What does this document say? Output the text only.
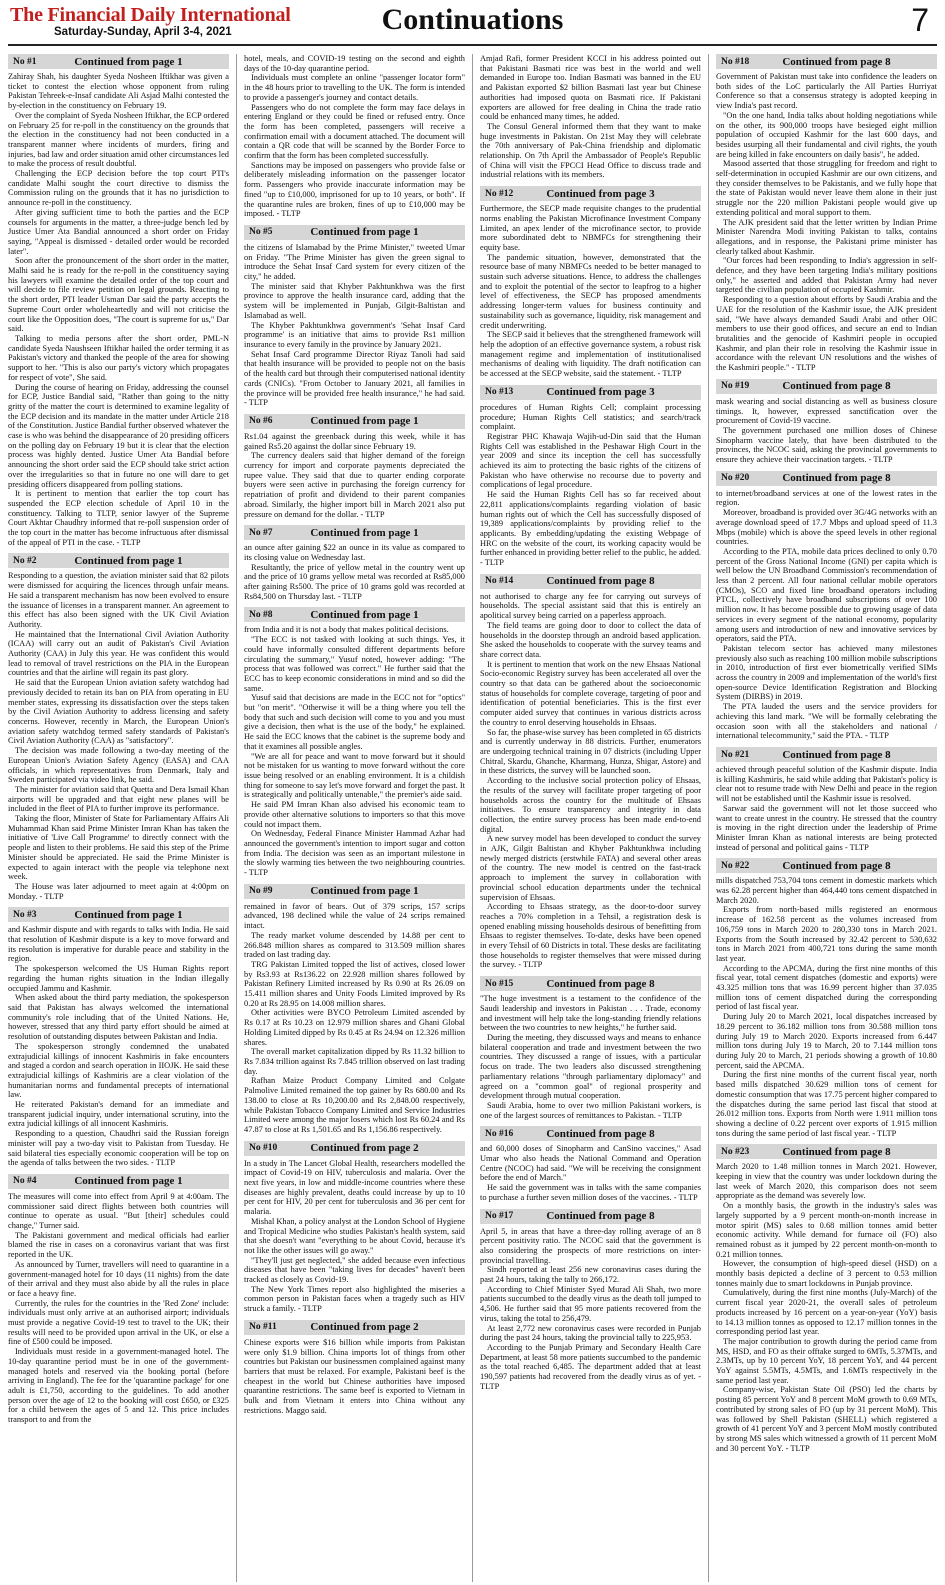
The Financial Daily International
Saturday-Sunday, April 3-4, 2021	Continuations	7
No #1	Continued from page 1

Zahiray Shah, his daughter Syeda Nosheen Iftikhar was given a ticket to contest the election whose opponent from ruling Pakistan Tehreek-e-Insaf candidate Ali Asjad Malhi contested the by-election in the constituency on February 19.

Over the complaint of Syeda Nosheen Iftikhar, the ECP ordered on February 25 for re-poll in the constituency on the grounds that the election in the constituency had not been conducted in a transparent manner where incidents of murders, firing and injuries, bad law and order situation amid other circumstances led to make the process of result doubtful.

Challenging the ECP decision before the top court PTI's candidate Malhi sought the court directive to dismiss the Commission ruling on the grounds that it has no jurisdiction to announce re-poll in the constituency.

After giving sufficient time to both the parties and the ECP counsels for arguments in the matter, a three-judge bench led by Justice Umer Ata Bandial announced a short order on Friday saying, "Appeal is dismissed - detailed order would be recorded later".

Soon after the pronouncement of the short order in the matter, Malhi said he is ready for the re-poll in the constituency saying his lawyers will examine the detailed order of the top court and will decide to file review petition on legal grounds. Reacting to the short order, PTI leader Usman Dar said the party accepts the Supreme Court order wholeheartedly and will not criticise the court like the Opposition does, "The court is supreme for us," Dar said.

Talking to media persons after the short order, PML-N candidate Syeda Naushseen Iftikhar hailed the order terming it as Pakistan's victory and thanked the people of the area for showing support to her. "This is also our party's victory which propagates for respect of vote", She said.

During the course of hearing on Friday, addressing the counsel for ECP, Justice Bandial said, "Rather than going to the nitty gritty of the matter the court is determined to examine legality of the ECP decision and its mandate in the matter under Article 218 of the Constitution. Justice Bandial further observed whatever the case is who was behind the disappearance of 20 presiding officers on the polling day on February 19 but it is clear that the election process was highly dented. Justice Umer Ata Bandial before announcing the short order said the ECP should take strict action over the irregularities so that in future no one will dare to get presiding officers disappeared from polling stations.

It is pertinent to mention that earlier the top court has suspended the ECP election schedule of April 10 in the constituency. Talking to TLTP, senior lawyer of the Supreme Court Akhtar Chaudhry informed that re-poll suspension order of the top court in the matter has become infructuous after dismissal of the appeal of PTI in the case. - TLTP

No #2	Continued from page 1

Responding to a question, the aviation minister said that 82 pilots were dismissed for acquiring the licences through unfair means. He said a transparent mechanism has now been evolved to ensure the issuance of licenses in a transparent manner. An agreement to this effect has also been signed with the UK Civil Aviation Authority.

He maintained that the International Civil Aviation Authority (ICAA) will carry out an audit of Pakistan's Civil Aviation Authority (CAA) in July this year. He was confident this would lead to removal of travel restrictions on the PIA in the European countries and that the airline will regain its past glory.

He said that the European Union aviation safety watchdog had previously decided to retain its ban on PIA from operating in EU member states, expressing its dissatisfaction over the steps taken by the Civil Aviation Authority to address licensing and safety concerns. However, recently in March, the European Union's aviation safety watchdog termed safety standards of Pakistan's Civil Aviation Authority (CAA) as "satisfactory".

The decision was made following a two-day meeting of the European Union's Aviation Safety Agency (EASA) and CAA officials, in which representatives from Denmark, Italy and Sweden participated via video link, he said.

The minister for aviation said that Quetta and Dera Ismail Khan airports will be upgraded and that eight new planes will be included in the fleet of PIA to further improve its performance.

Taking the floor, Minister of State for Parliamentary Affairs Ali Muhammad Khan said Prime Minister Imran Khan has taken the initiative of 'Live Call Programme' to directly connect with the people and listen to their problems. He said this step of the Prime Minister should be appreciated. He said the Prime Minister is expected to again interact with the people via telephone next week.

The House was later adjourned to meet again at 4:00pm on Monday. - TLTP

No #3	Continued from page 1

and Kashmir dispute and with regards to talks with India. He said that resolution of Kashmir dispute is a key to move forward and its resolution is imperative for durable peace and stability in the region.

The spokesperson welcomed the US Human Rights report regarding the human rights situation in the Indian illegally occupied Jammu and Kashmir.

When asked about the third party mediation, the spokesperson said that Pakistan has always welcomed the international community's role including that of the United Nations. He, however, stressed that any third party effort should be aimed at resolution of outstanding disputes between Pakistan and India.

The spokesperson strongly condemned the unabated extrajudicial killings of innocent Kashmiris in fake encounters and staged a cordon and search operation in IIOJK. He said these extrajudicial killings of Kashmiris are a clear violation of the humanitarian norms and fundamental precepts of international law.

He reiterated Pakistan's demand for an immediate and transparent judicial inquiry, under international scrutiny, into the extra judicial killings of all innocent Kashmiris.

Responding to a question, Chaudhri said the Russian foreign minister will pay a two-day visit to Pakistan from Tuesday. He said bilateral ties especially economic cooperation will be top on the agenda of talks between the two sides. - TLTP

No #4	Continued from page 1

The measures will come into effect from April 9 at 4:00am. The commissioner said direct flights between both countries will continue to operate as usual. "But [their] schedules could change," Turner said.

The Pakistani government and medical officials had earlier blamed the rise in cases on a coronavirus variant that was first reported in the UK.

As announced by Turner, travellers will need to quarantine in a government-managed hotel for 10 days (11 nights) from the date of their arrival and they must also abide by all the rules in place or face a heavy fine.

Currently, the rules for the countries in the 'Red Zone' include: individuals must only arrive at an authorised airport; individuals must provide a negative Covid-19 test to travel to the UK; their results will need to be provided upon arrival in the UK, or else a fine of £500 could be imposed.

Individuals must reside in a government-managed hotel. The 10-day quarantine period must be in one of the government-managed hotels and reserved via the booking portal (before arriving in England). The fee for the 'quarantine package' for one adult is £1,750, according to the guidelines. To add another person over the age of 12 to the booking will cost £650, or £325 for a child between the ages of 5 and 12. This price includes transport to and from the

hotel, meals, and COVID-19 testing on the second and eighth days of the 10-day quarantine period.

Individuals must complete an online "passenger locator form" in the 48 hours prior to travelling to the UK. The form is intended to provide a passenger's journey and contact details.

Passengers who do not complete the form may face delays in entering England or they could be fined or refused entry. Once the form has been completed, passengers will receive a confirmation email with a document attached. The document will contain a QR code that will be scanned by the Border Force to confirm that the form has been completed successfully.

Sanctions may be imposed on passengers who provide false or deliberately misleading information on the passenger locator form. Passengers who provide inaccurate information may be fined "up to £10,000, imprisoned for up to 10 years, or both". If the quarantine rules are broken, fines of up to £10,000 may be imposed. - TLTP

No #5	Continued from page 1

the citizens of Islamabad by the Prime Minister," tweeted Umar on Friday. "The Prime Minister has given the green signal to introduce the Sehat Insaf Card system for every citizen of the city," he added.

The minister said that Khyber Pakhtunkhwa was the first province to approve the health insurance card, adding that the system will be implemented in Punjab, Gilgit-Baltistan and Islamabad as well.

The Khyber Pakhtunkhwa government's 'Sehat Insaf Card programme' is an initiative that aims to provide Rs1 million insurance to every family in the province by January 2021.

Sehat Insaf Card programme Director Riyaz Tanoli had said that health insurance will be provided to people not on the basis of the health card but through their computerised national identity cards (CNICs). "From October to January 2021, all families in the province will be provided free health insurance," he had said. - TLTP

No #6	Continued from page 1

Rs1.04 against the greenback during this week, while it has gained Rs5.20 against the dollar since February 19.

The currency dealers said that higher demand of the foreign currency for import and corporate payments depreciated the rupee value. They said that due to quarter ending corporate buyers were seen active in purchasing the foreign currency for repatriation of profit and dividend to their parent companies abroad. Similarly, the higher import bill in March 2021 also put pressure on demand for the dollar. - TLTP

No #7	Continued from page 1

an ounce after gaining $22 an ounce in its value as compared to its closing value on Wednesday last.

Resultantly, the price of yellow metal in the country went up and the price of 10 grams yellow metal was recorded at Rs85,000 after gaining Rs500. The price of 10 grams gold was recorded at Rs84,500 on Thursday last. - TLTP

No #8	Continued from page 1

from India and it is not a body that makes political decisions.

"The ECC is not tasked with looking at such things. Yes, it could have informally consulted different departments before circulating the summary," Yusuf noted, however adding: "The process that was followed was correct." He further said that the ECC has to keep economic considerations in mind and so did the same.

Yusuf said that decisions are made in the ECC not for "optics" but "on merit". "Otherwise it will be a thing where you tell the body that such and such decision will come to you and you must give a decision, then what is the use of the body," he explained. He said the ECC knows that the cabinet is the supreme body and that it examines all possible angles.

"We are all for peace and want to move forward but it should not be mistaken for us wanting to move forward without the core issue being resolved or an enabling environment. It is a childish thing for someone to say let's move forward and forget the past. It is strategically and politically untenable," the premier's aide said.

He said PM Imran Khan also advised his economic team to provide other alternative solutions to importers so that this move could not impact them.

On Wednesday, Federal Finance Minister Hammad Azhar had announced the government's intention to import sugar and cotton from India. The decision was seen as an important milestone in the slowly warming ties between the two neighbouring countries. - TLTP

No #9	Continued from page 1

remained in favor of bears. Out of 379 scrips, 157 scrips advanced, 198 declined while the value of 24 scrips remained intact.

The ready market volume descended by 14.88 per cent to 266.848 million shares as compared to 313.509 million shares traded on last trading day.

TRG Pakistan Limited topped the list of actives, closed lower by Rs3.93 at Rs136.22 on 22.928 million shares followed by Pakistan Refinery Limited increased by Rs 0.90 at Rs 26.09 on 15.411 million shares and Unity Foods Limited improved by Rs 0.20 at Rs 28.95 on 14.008 million shares.

Other activities were BYCO Petroleum Limited ascended by Rs 0.17 at Rs 10.23 on 12.979 million shares and Ghani Global Holding Limited dipped by Rs 0.45 at Rs 24.94 on 12.326 million shares.

The overall market capitalization dipped by Rs 11.32 billion to Rs 7.834 trillion against Rs 7.845 trillion observed on last trading day.

Rafhan Maize Product Company Limited and Colgate Palmolive Limited remained the top gainer by Rs 680.00 and Rs 138.00 to close at Rs 10,200.00 and Rs 2,848.00 respectively, while Pakistan Tobacco Company Limited and Service Industries Limited were among the major losers which lost Rs 60.24 and Rs 47.87 to close at Rs 1,501.65 and Rs 1,156.86 respectively.

No #10	Continued from page 2

In a study in The Lancet Global Health, researchers modelled the impact of Covid-19 on HIV, tuberculosis and malaria. Over the next five years, in low and middle-income countries where these diseases are highly prevalent, deaths could increase by up to 10 per cent for HIV, 20 per cent for tuberculosis and 36 per cent for malaria.

Mishal Khan, a policy analyst at the London School of Hygiene and Tropical Medicine who studies Pakistan's health system, said that she doesn't want "everything to be about Covid, because it's not like the other issues will go away."

"They'll just get neglected," she added because even infectious diseases that have been "taking lives for decades" haven't been tracked as closely as Covid-19.

The New York Times report also highlighted the miseries a common person in Pakistan faces when a tragedy such as HIV struck a family. - TLTP

No #11	Continued from page 2

Chinese exports were $16 billion while imports from Pakistan were only $1.9 billion. China imports lot of things from other countries but Pakistan our businessmen complained against many barriers that must be relaxed. For example, Pakistani beef is the cheapest in the world but Chinese authorities have imposed quarantine restrictions. The same beef is exported to Vietnam in bulk and from Vietnam it enters into China without any restrictions. Maggo said.

Amjad Rafi, former President KCCI in his address pointed out that Pakistani Basmati rice was best in the world and well demanded in Europe too. Indian Basmati was banned in the EU and Pakistan exported $2 billion Basmati last year but Chinese authorities had imposed quota on Basmati rice. If Pakistani exporters are allowed for free dealing in China the trade ratio could be enhanced many times, he added.

The Consul General informed them that they want to make huge investments in Pakistan. On 21st May they will celebrate the 70th anniversary of Pak-China friendship and diplomatic relationship. On 7th April the Ambassador of People's Republic of China will visit the FPCCI Head Office to discuss trade and industrial relations with its members.

No #12	Continued from page 3

Furthermore, the SECP made requisite changes to the prudential norms enabling the Pakistan Microfinance Investment Company Limited, an apex lender of the microfinance sector, to provide more subordinated debt to NBMFCs for strengthening their equity base.

The pandemic situation, however, demonstrated that the resource base of many NBMFCs needed to be better managed to sustain such adverse situations. Hence, to address the challenges and to exploit the potential of the sector to leapfrog to a higher level of effectiveness, the SECP has proposed amendments addressing longer-term values for business continuity and sustainability such as governance, liquidity, risk management and credit underwriting.

The SECP said it believes that the strengthened framework will help the adoption of an effective governance system, a robust risk management regime and implementation of institutionalised mechanisms of dealing with liquidity. The draft notification can be accessed at the SECP website, said the statement. - TLTP

No #13	Continued from page 3

procedures of Human Rights Cell; complaint processing procedure; Human Rights Cell statistics; and search/track complaint.

Registrar PHC Khawaja Wajih-ud-Din said that the Human Rights Cell was established in the Peshawar High Court in the year 2009 and since its inception the cell has successfully achieved its aim to protecting the basic rights of the citizens of Pakistan who have otherwise no recourse due to poverty and complications of legal procedure.

He said the Human Rights Cell has so far received about 22,811 applications/complaints regarding violation of basic human rights out of which the Cell has successfully disposed of 19,389 applications/complaints by providing relief to the applicants. By embedding/updating the existing Webpage of HRC on the website of the court, its working capacity would be further enhanced in providing better relief to the public, he added. - TLTP

No #14	Continued from page 8

not authorised to charge any fee for carrying out surveys of households. The special assistant said that this is entirely an apolitical survey being carried on a paperless approach.

The field teams are going door to door to collect the data of households in the doorstep through an android based application. She asked the households to cooperate with the survey teams and share correct data.

It is pertinent to mention that work on the new Ehsaas National Socio-economic Registry survey has been accelerated all over the country so that data can be gathered about the socioeconomic status of households for complete coverage, targeting of poor and identification of potential beneficiaries. This is the first ever computer aided survey that continues in various districts across the country to enrol deserving households in Ehsaas.

So far, the phase-wise survey has been completed in 65 districts and is currently underway in 88 districts. Further, enumerators are undergoing technical training in 07 districts (including Upper Chitral, Skardu, Ghanche, Kharmang, Hunza, Shigar, Astore) and in these districts, the survey will be launched soon.

According to the inclusive social protection policy of Ehsaas, the results of the survey will facilitate proper targeting of poor households across the country for the multitude of Ehsaas initiatives. To ensure transparency and integrity in data collection, the entire survey process has been made end-to-end digital.

A new survey model has been developed to conduct the survey in AJK, Gilgit Baltistan and Khyber Pakhtunkhwa including newly merged districts (erstwhile FATA) and several other areas of the country. The new model is centred on the fast-track approach to implement the survey in collaboration with provincial school education departments under the technical supervision of Ehsaas.

According to Ehsaas strategy, as the door-to-door survey reaches a 70% completion in a Tehsil, a registration desk is opened enabling missing households desirous of benefitting from Ehsaas to register themselves. To-date, desks have been opened in every Tehsil of 60 Districts in total. These desks are facilitating those households to register themselves that were missed during the survey. - TLTP

No #15	Continued from page 8

"The huge investment is a testament to the confidence of the Saudi leadership and investors in Pakistan . . . Trade, economy and investment will help take the long-standing friendly relations between the two countries to new heights," he further said.

During the meeting, they discussed ways and means to enhance bilateral cooperation and trade and investment between the two countries. They discussed a range of issues, with a particular focus on trade. The two leaders also discussed strengthening parliamentary relations "through parliamentary diplomacy" and agreed on a "common goal" of regional prosperity and development through mutual cooperation.

Saudi Arabia, home to over two million Pakistani workers, is one of the largest sources of remittances to Pakistan. - TLTP

No #16	Continued from page 8

and 60,000 doses of Sinopharm and CanSino vaccines," Asad Umar who also heads the National Command and Operation Centre (NCOC) had said. "We will be receiving the consignment before the end of March."

He said the government was in talks with the same companies to purchase a further seven million doses of the vaccines. - TLTP

No #17	Continued from page 8

April 5, in areas that have a three-day rolling average of an 8 percent positivity ratio. The NCOC said that the government is also considering the prospects of more restrictions on inter-provincial travelling.

Sindh reported at least 256 new coronavirus cases during the past 24 hours, taking the tally to 266,172.

According to Chief Minister Syed Murad Ali Shah, two more patients succumbed to the deadly virus as the death toll jumped to 4,506. He further said that 95 more patients recovered from the virus, taking the total to 256,479.

At least 2,772 new coronavirus cases were recorded in Punjab during the past 24 hours, taking the provincial tally to 225,953.

According to the Punjab Primary and Secondary Health Care Department, at least 58 more patients succumbed to the pandemic as the total reached 6,485. The department added that at least 190,597 patients had recovered from the deadly virus as of yet. - TLTP

No #18	Continued from page 8

Government of Pakistan must take into confidence the leaders on both sides of the LoC particularly the All Parties Hurriyat Conference so that a consensus strategy is adopted keeping in view India's past record.

"On the one hand, India talks about holding negotiations while on the other, its 900,000 troops have besieged eight million population of occupied Kashmir for the last 600 days, and besides usurping all their fundamental and civil rights, the youth are being killed in fake encounters on daily basis", he added.

Masood asserted that those struggling for freedom and right to self-determination in occupied Kashmir are our own citizens, and they consider themselves to be Pakistanis, and we fully hope that the state of Pakistan would never leave them alone in their just struggle nor the 220 million Pakistani people would give up extending political and moral support to them.

The AJK president said that the letter written by Indian Prime Minister Narendra Modi inviting Pakistan to talks, contains allegations, and in response, the Pakistani prime minister has clearly talked about Kashmir.

"Our forces had been responding to India's aggression in self-defence, and they have been targeting India's military positions only," he asserted and added that Pakistan Army had never targeted the civilian population of occupied Kashmir.

Responding to a question about efforts by Saudi Arabia and the UAE for the resolution of the Kashmir issue, the AJK president said, "We have always demanded Saudi Arabi and other OIC members to use their good offices, and secure an end to Indian brutalities and the genocide of Kashmiri people in occupied Kashmir, and plan their role in resolving the Kashmir issue in accordance with the relevant UN resolutions and the wishes of the Kashmiri people." - TLTP

No #19	Continued from page 8

mask wearing and social distancing as well as business closure timings. It, however, expressed sanctification over the procurement of Covid-19 vaccine.

The government purchased one million doses of Chinese Sinopharm vaccine lately, that have been distributed to the provinces, the NCOC said, asking the provincial governments to ensure they achieve their vaccination targets. - TLTP

No #20	Continued from page 8

to internet/broadband services at one of the lowest rates in the region.

Moreover, broadband is provided over 3G/4G networks with an average download speed of 17.7 Mbps and upload speed of 11.3 Mbps (mobile) which is above the speed levels in other regional countries.

According to the PTA, mobile data prices declined to only 0.70 percent of the Gross National Income (GNI) per capita which is well below the UN Broadband Commission's recommendation of less than 2 percent. All four national cellular mobile operators (CMOs), SCO and fixed line broadband operators including PTCL, collectively have broadband subscriptions of over 100 million now. It has become possible due to growing usage of data services in every segment of the national economy, popularity among users and introduction of new and innovative services by operators, said the PTA.

Pakistan telecom sector has achieved many milestones previously also such as reaching 100 million mobile subscriptions in 2010, introduction of first ever biometrically verified SIMs across the country in 2009 and implementation of the world's first open-source Device Identification Registration and Blocking System (DIRBS) in 2019.

The PTA lauded the users and the service providers for achieving this land mark. "We will be formally celebrating the occasion soon with all the stakeholders and national / international telecommunity," said the PTA. - TLTP

No #21	Continued from page 8

achieved through peaceful solution of the Kashmir dispute. India is killing Kashmiris, he said while adding that Pakistan's policy is clear not to resume trade with New Delhi and peace in the region will not be established until the Kashmir issue is resolved.

Sarwar said the government will not let those succeed who want to create unrest in the country. He stressed that the country is moving in the right direction under the leadership of Prime Minister Imran Khan as national interests are being protected instead of personal and political gains - TLTP

No #22	Continued from page 8

mills dispatched 753,704 tons cement in domestic markets which was 62.28 percent higher than 464,440 tons cement dispatched in March 2020.

Exports from north-based mills registered an enormous increase of 162.58 percent as the volumes increased from 106,759 tons in March 2020 to 280,330 tons in March 2021. Exports from the South increased by 32.42 percent to 530,632 tons in March 2021 from 400,721 tons during the same month last year.

According to the APCMA, during the first nine months of this fiscal year, total cement dispatches (domestic and exports) were 43.325 million tons that was 16.99 percent higher than 37.035 million tons of cement dispatched during the corresponding period of last fiscal year.

During July 20 to March 2021, local dispatches increased by 18.29 percent to 36.182 million tons from 30.588 million tons during July 19 to March 2020. Exports increased from 6.447 million tons during July 19 to March, 20 to 7.144 million tons during July 20 to March, 21 periods showing a growth of 10.80 percent, said the APCMA.

During the first nine months of the current fiscal year, north based mills dispatched 30.629 million tons of cement for domestic consumption that was 17.75 percent higher compared to the dispatches during the same period last fiscal that stood at 26.012 million tons. Exports from North were 1.911 million tons showing a decline of 0.22 percent over exports of 1.915 million tons during the same period of last fiscal year. - TLTP

No #23	Continued from page 8

March 2020 to 1.48 million tonnes in March 2021. However, keeping in view that the country was under lockdown during the last week of March 2020, this comparison does not seem appropriate as the demand was severely low.

On a monthly basis, the growth in the industry's sales was largely supported by a 9 percent month-on-month increase in motor spirit (MS) sales to 0.68 million tonnes amid better economic activity. While demand for furnace oil (FO) also remained robust as it jumped by 22 percent month-on-month to 0.21 million tonnes.

However, the consumption of high-speed diesel (HSD) on a monthly basis depicted a decline of 3 percent to 0.53 million tonnes mainly due to smart lockdowns in Punjab province.

Cumulatively, during the first nine months (July-March) of the current fiscal year 2020-21, the overall sales of petroleum products increased by 16 percent on a year-on-year (YoY) basis to 14.13 million tonnes as opposed to 12.17 million tonnes in the corresponding period last year.

The major contribution to growth during the period came from MS, HSD, and FO as their offtake surged to 6MTs, 5.37MTs, and 2.3MTs, up by 10 percent YoY, 18 percent YoY, and 44 percent YoY against 5.5MTs, 4.5MTs, and 1.6MTs respectively in the same period last year.

Company-wise, Pakistan State Oil (PSO) led the charts by posting 85 percent YoY and 8 percent MoM growth to 0.69 MTs, contributed by strong sales of FO (up by 31 percent MoM). This was followed by Shell Pakistan (SHELL) which registered a growth of 41 percent YoY and 3 percent MoM mostly contributed by strong MS sales which witnessed a growth of 11 percent MoM and 30 percent YoY. - TLTP
